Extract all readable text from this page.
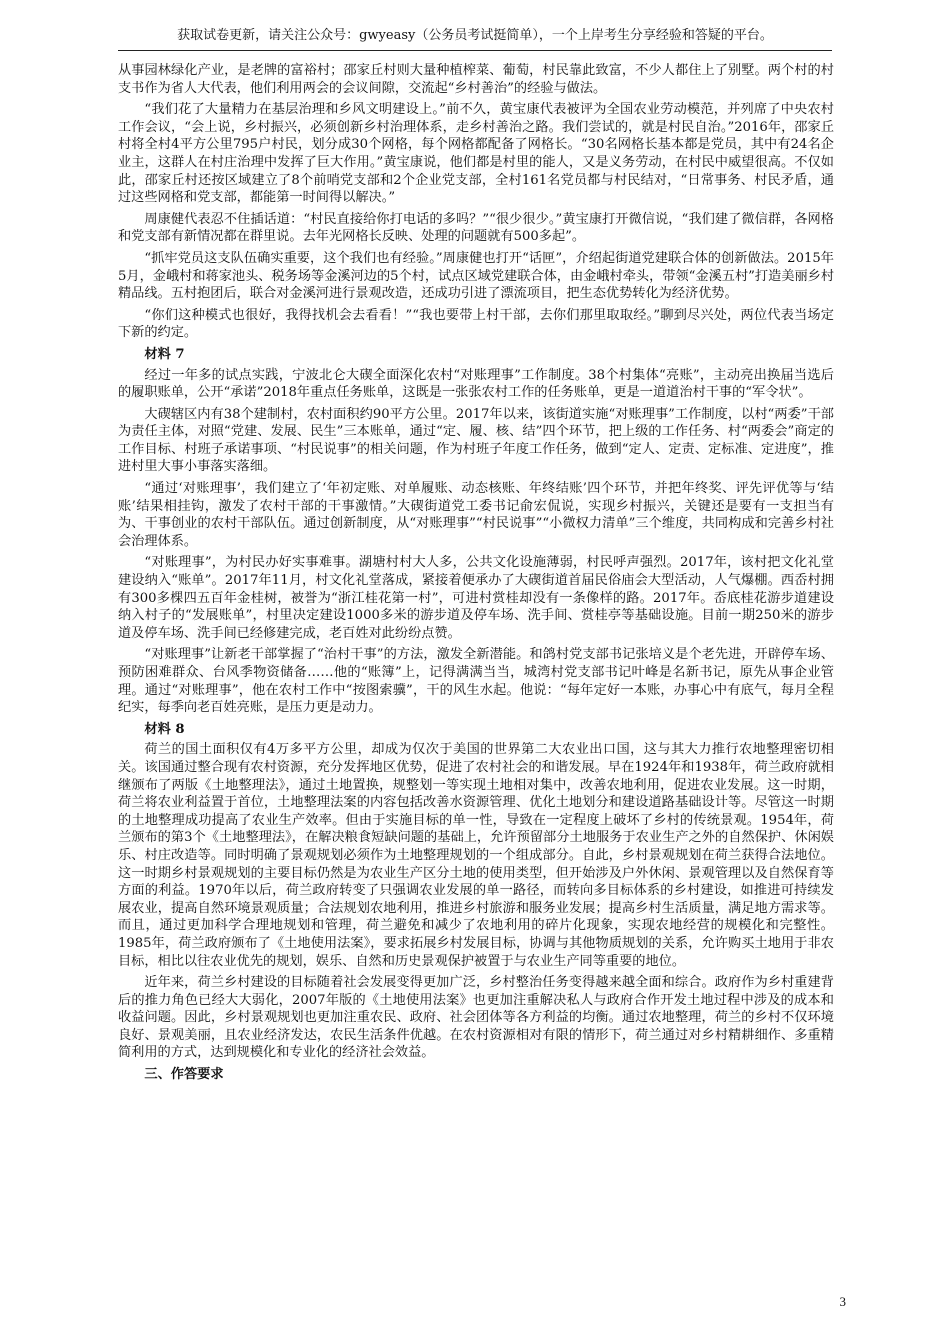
获取试卷更新，请关注公众号：gwyeasy（公务员考试挺简单），一个上岸考生分享经验和答疑的平台。

从事园林绿化产业，是老牌的富裕村；邵家丘村则大量种植榨菜、葡萄，村民靠此致富，不少人都住上了别墅。两个村的村支书作为省人大代表，他们利用两会的会议间隙，交流起“乡村善治”的经验与做法。

“我们花了大量精力在基层治理和乡风文明建设上。”前不久，黄宝康代表被评为全国农业劳动模范，并列席了中央农村工作会议，“会上说，乡村振兴，必须创新乡村治理体系，走乡村善治之路。我们尝试的，就是村民自治。”2016年，邵家丘村将全村4平方公里795户村民，划分成30个网格，每个网格都配备了网格长。“30名网格长基本都是党员，其中有24名企业主，这群人在村庄治理中发挥了巨大作用。”黄宝康说，他们都是村里的能人，又是义务劳动，在村民中威望很高。不仅如此，邵家丘村还按区域建立了8个前哨党支部和2个企业党支部，全村161名党员都与村民结对，“日常事务、村民矛盾，通过这些网格和党支部，都能第一时间得以解决。”

周康健代表忍不住插话道：“村民直接给你打电话的多吗？”“很少很少。”黄宝康打开微信说，“我们建了微信群，各网格和党支部有新情况都在群里说。去年光网格长反映、处理的问题就有500多起”。

“抓牢党员这支队伍确实重要，这个我们也有经验。”周康健也打开“话匣”，介绍起街道党建联合体的创新做法。2015年5月，金峨村和蒋家池头、税务场等金溪河边的5个村，试点区域党建联合体，由金峨村牵头，带领“金溪五村”打造美丽乡村精品线。五村抱团后，联合对金溪河进行景观改造，还成功引进了漂流项目，把生态优势转化为经济优势。

“你们这种模式也很好，我得找机会去看看！”“我也要带上村干部，去你们那里取取经。”聊到尽兴处，两位代表当场定下新的约定。

材料 7

经过一年多的试点实践，宁波北仑大碶全面深化农村“对账理事”工作制度。38个村集体“亮账”，主动亮出换届当选后的履职账单，公开“承诺”2018年重点任务账单，这既是一张张农村工作的任务账单，更是一道道治村干事的“军令状”。

大碶辖区内有38个建制村，农村面积约90平方公里。2017年以来，该街道实施“对账理事”工作制度，以村“两委”干部为责任主体，对照“党建、发展、民生”三本账单，通过“定、履、核、结”四个环节，把上级的工作任务、村“两委会”商定的工作目标、村班子承诺事项、“村民说事”的相关问题，作为村班子年度工作任务，做到“定人、定责、定标准、定进度”，推进村里大事小事落实落细。

“通过‘对账理事’，我们建立了‘年初定账、对单履账、动态核账、年终结账’四个环节，并把年终奖、评先评优等与‘结账’结果相挂钩，激发了农村干部的干事激情。”大碶街道党工委书记俞宏侃说，实现乡村振兴，关键还是要有一支担当有为、干事创业的农村干部队伍。通过创新制度，从“对账理事”“村民说事”“小微权力清单”三个维度，共同构成和完善乡村社会治理体系。

“对账理事”，为村民办好实事难事。湖塘村村大人多，公共文化设施薄弱，村民呼声强烈。2017年，该村把文化礼堂建设纳入“账单”。2017年11月，村文化礼堂落成，紧接着便承办了大碶街道首届民俗庙会大型活动，人气爆棚。西岙村拥有300多棵四五百年金桂树，被誉为“浙江桂花第一村”，可进村赏桂却没有一条像样的路。2017年。岙底桂花游步道建设纳入村子的“发展账单”，村里决定建设1000多米的游步道及停车场、洗手间、赏桂亭等基础设施。目前一期250米的游步道及停车场、洗手间已经修建完成，老百姓对此纷纷点赞。

“对账理事”让新老干部掌握了“治村干事”的方法，激发全新潜能。和鸽村党支部书记张培义是个老先进，开辟停车场、预防困难群众、台风季物资储备……他的“账簿”上，记得满满当当，城湾村党支部书记叶峰是名新书记，原先从事企业管理。通过“对账理事”，他在农村工作中“按图索骥”，干的风生水起。他说：“每年定好一本账，办事心中有底气，每月全程纪实，每季向老百姓亮账，是压力更是动力。

材料 8

荷兰的国土面积仅有4万多平方公里，却成为仅次于美国的世界第二大农业出口国，这与其大力推行农地整理密切相关。该国通过整合现有农村资源，充分发挥地区优势，促进了农村社会的和谐发展。早在1924年和1938年，荷兰政府就相继颁布了两版《土地整理法》，通过土地置换，规整划一等实现土地相对集中，改善农地利用，促进农业发展。这一时期，荷兰将农业利益置于首位，土地整理法案的内容包括改善水资源管理、优化土地划分和建设道路基础设计等。尽管这一时期的土地整理成功提高了农业生产效率。但由于实施目标的单一性，导致在一定程度上破坏了乡村的传统景观。1954年，荷兰颁布的第3个《土地整理法》，在解决粮食短缺问题的基础上，允许预留部分土地服务于农业生产之外的自然保护、休闲娱乐、村庄改造等。同时明确了景观规划必须作为土地整理规划的一个组成部分。自此，乡村景观规划在荷兰获得合法地位。这一时期乡村景观规划的主要目标仍然是为农业生产区分土地的使用类型，但开始涉及户外休闲、景观管理以及自然保育等方面的利益。1970年以后，荷兰政府转变了只强调农业发展的单一路径，而转向多目标体系的乡村建设，如推进可持续发展农业，提高自然环境景观质量；合法规划农地利用，推进乡村旅游和服务业发展；提高乡村生活质量，满足地方需求等。而且，通过更加科学合理地规划和管理，荷兰避免和减少了农地利用的碎片化现象，实现农地经营的规模化和完整性。1985年，荷兰政府颁布了《土地使用法案》，要求拓展乡村发展目标，协调与其他物质规划的关系，允许购买土地用于非农目标，相比以往农业优先的规划，娱乐、自然和历史景观保护被置于与农业生产同等重要的地位。

近年来，荷兰乡村建设的目标随着社会发展变得更加广泛，乡村整治任务变得越来越全面和综合。政府作为乡村重建背后的推力角色已经大大弱化，2007年版的《土地使用法案》也更加注重解决私人与政府合作开发土地过程中涉及的成本和收益问题。因此，乡村景观规划也更加注重农民、政府、社会团体等各方利益的均衡。通过农地整理，荷兰的乡村不仅环境良好、景观美丽，且农业经济发达，农民生活条件优越。在农村资源相对有限的情形下，荷兰通过对乡村精耕细作、多重精简利用的方式，达到规模化和专业化的经济社会效益。

三、作答要求
3
